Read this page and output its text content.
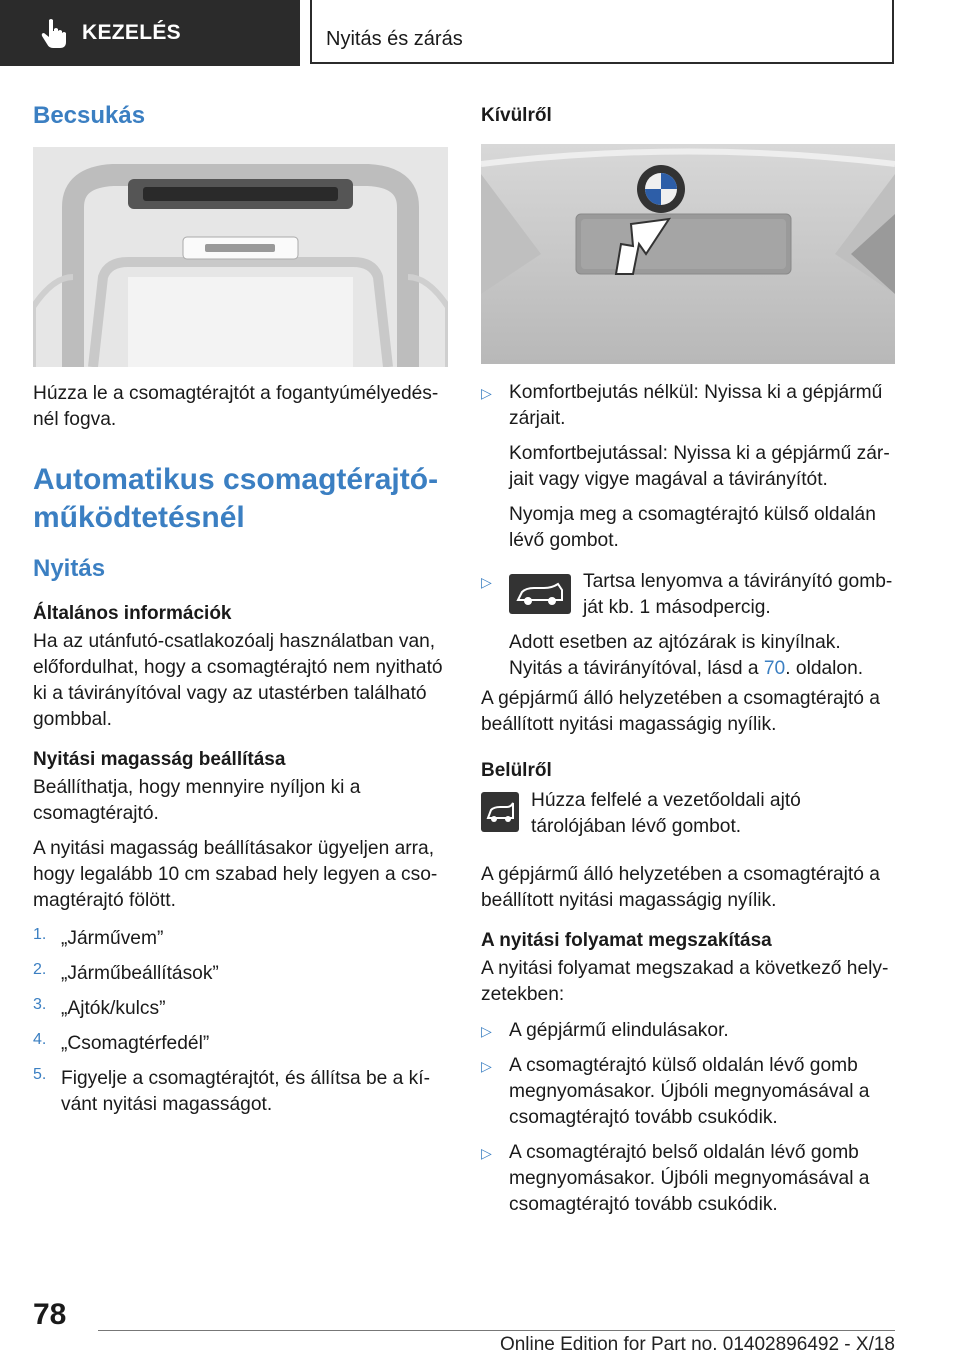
KEZELÉS	Nyitás és zárás
Becsukás

Húzza le a csomagtérajtót a fogantyúmélyedésnél fogva.

Automatikus csomagtérajtó-
működtetésnél
Nyitás
Általános információk

Ha az utánfutó-csatlakozóalj használatban van, előfordulhat, hogy a csomagtérajtó nem nyitható ki a távirányítóval vagy az utastérben található gombbal.

Nyitási magasság beállítása

Beállíthatja, hogy mennyire nyíljon ki a csomagtérajtó.

A nyitási magasság beállításakor ügyeljen arra, hogy legalább 10 cm szabad hely legyen a csomagtérajtó fölött.

1. „Járművem”

2. „Járműbeállítások”

3. „Ajtók/kulcs”

4. „Csomagtérfedél”

5. Figyelje a csomagtérajtót, és állítsa be a kívánt nyitási magasságot.

Kívülről
▷ Komfortbejutás nélkül: Nyissa ki a gépjármű zárjait.

Komfortbejutással: Nyissa ki a gépjármű zárjait vagy vigye magával a távirányítót.

Nyomja meg a csomagtérajtó külső oldalán lévő gombot.

▷	Tartsa lenyomva a távirányító gombját kb. 1 másodpercig.

Adott esetben az ajtózárak is kinyílnak. Nyitás a távirányítóval, lásd a 70. oldalon.

A gépjármű álló helyzetében a csomagtérajtó a beállított nyitási magasságig nyílik.

Belülről

Húzza felfelé a vezetőoldali ajtó tárolójában lévő gombot.

A gépjármű álló helyzetében a csomagtérajtó a beállított nyitási magasságig nyílik.

A nyitási folyamat megszakítása

A nyitási folyamat megszakad a következő helyzetekben:

▷ A gépjármű elindulásakor.

▷ A csomagtérajtó külső oldalán lévő gomb megnyomásakor. Újbóli megnyomásával a csomagtérajtó tovább csukódik.

▷ A csomagtérajtó belső oldalán lévő gomb megnyomásakor. Újbóli megnyomásával a csomagtérajtó tovább csukódik.

78
Online Edition for Part no. 01402896492 - X/18
